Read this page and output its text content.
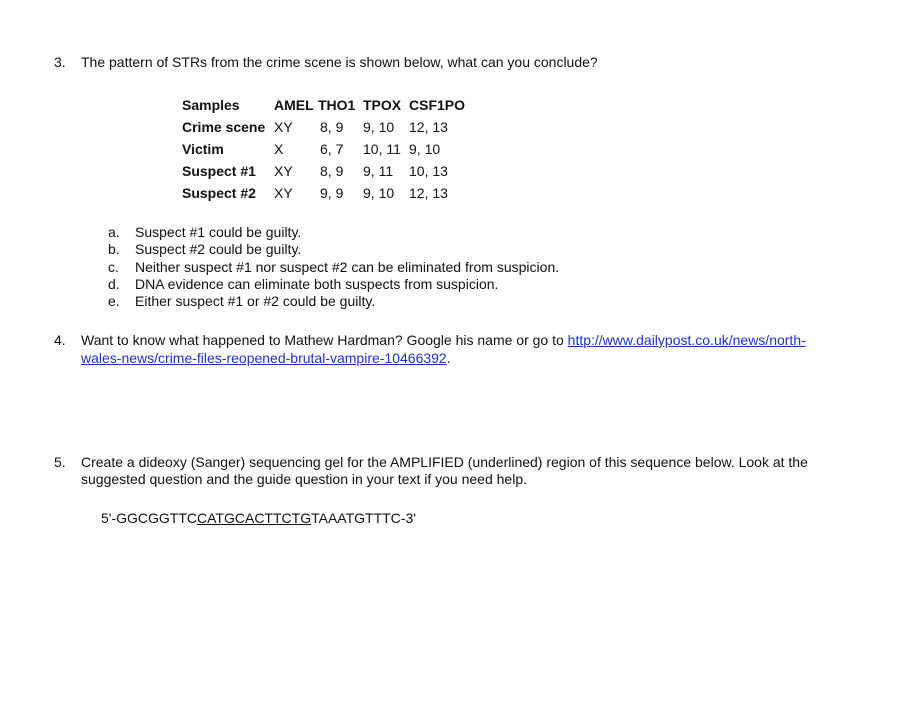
3. The pattern of STRs from the crime scene is shown below, what can you conclude?
Samples	AMEL	THO1	TPOX	CSF1PO
Crime scene	XY	8, 9	9, 10	12, 13
Victim	X	6, 7	10, 11	9, 10
Suspect #1	XY	8, 9	9, 11	10, 13
Suspect #2	XY	9, 9	9, 10	12, 13
a. Suspect #1 could be guilty.
b. Suspect #2 could be guilty.
c. Neither suspect #1 nor suspect #2 can be eliminated from suspicion.
d. DNA evidence can eliminate both suspects from suspicion.
e. Either suspect #1 or #2 could be guilty.
4. Want to know what happened to Mathew Hardman? Google his name or go to http://www.dailypost.co.uk/news/north-
wales-news/crime-files-reopened-brutal-vampire-10466392.
5. Create a dideoxy (Sanger) sequencing gel for the AMPLIFIED (underlined) region of this sequence below. Look at the
suggested question and the guide question in your text if you need help.
5'-GGCGGTTCCATGCACTTCTGTAAATGTTTC-3'
